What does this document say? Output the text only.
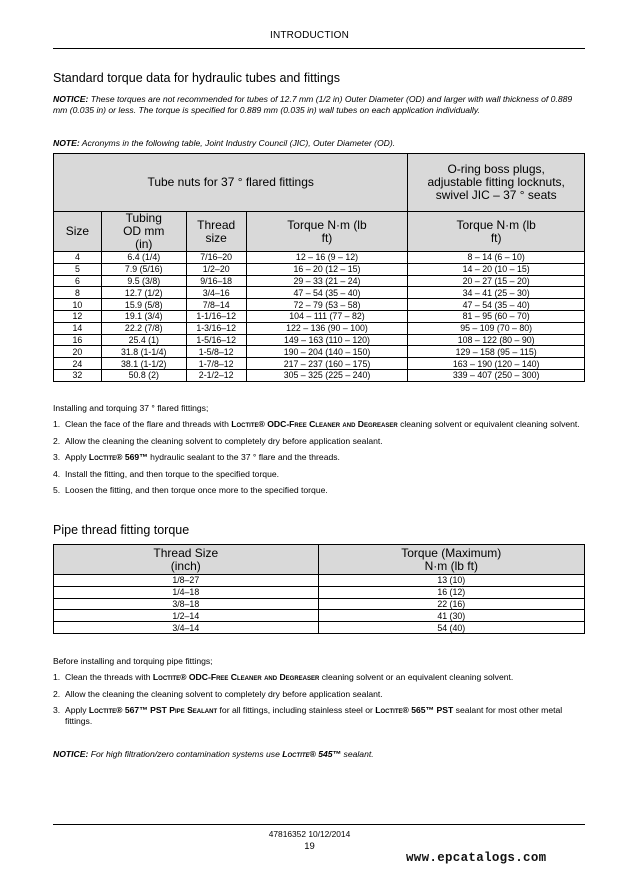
INTRODUCTION
Standard torque data for hydraulic tubes and fittings
NOTICE: These torques are not recommended for tubes of 12.7 mm (1/2 in) Outer Diameter (OD) and larger with wall thickness of 0.889 mm (0.035 in) or less. The torque is specified for 0.889 mm (0.035 in) wall tubes on each application individually.
NOTE: Acronyms in the following table, Joint Industry Council (JIC), Outer Diameter (OD).
Tube nuts for 37 ° flared fittings				O-ring boss plugs, adjustable fitting locknuts, swivel JIC – 37 ° seats
Size	Tubing OD mm (in)	Thread size	Torque N·m (lb ft)	Torque N·m (lb ft)
4	6.4 (1/4)	7/16–20	12 – 16 (9 – 12)	8 – 14 (6 – 10)
5	7.9 (5/16)	1/2–20	16 – 20 (12 – 15)	14 – 20 (10 – 15)
6	9.5 (3/8)	9/16–18	29 – 33 (21 – 24)	20 – 27 (15 – 20)
8	12.7 (1/2)	3/4–16	47 – 54 (35 – 40)	34 – 41 (25 – 30)
10	15.9 (5/8)	7/8–14	72 – 79 (53 – 58)	47 – 54 (35 – 40)
12	19.1 (3/4)	1-1/16–12	104 – 111 (77 – 82)	81 – 95 (60 – 70)
14	22.2 (7/8)	1-3/16–12	122 – 136 (90 – 100)	95 – 109 (70 – 80)
16	25.4 (1)	1-5/16–12	149 – 163 (110 – 120)	108 – 122 (80 – 90)
20	31.8 (1-1/4)	1-5/8–12	190 – 204 (140 – 150)	129 – 158 (95 – 115)
24	38.1 (1-1/2)	1-7/8–12	217 – 237 (160 – 175)	163 – 190 (120 – 140)
32	50.8 (2)	2-1/2–12	305 – 325 (225 – 240)	339 – 407 (250 – 300)
Installing and torquing 37 ° flared fittings;
1. Clean the face of the flare and threads with Loctite® ODC-Free Cleaner and Degreaser cleaning solvent or equivalent cleaning solvent.
2. Allow the cleaning the cleaning solvent to completely dry before application sealant.
3. Apply Loctite® 569™ hydraulic sealant to the 37 ° flare and the threads.
4. Install the fitting, and then torque to the specified torque.
5. Loosen the fitting, and then torque once more to the specified torque.
Pipe thread fitting torque
Thread Size (inch)	Torque (Maximum) N·m (lb ft)
1/8–27	13 (10)
1/4–18	16 (12)
3/8–18	22 (16)
1/2–14	41 (30)
3/4–14	54 (40)
Before installing and torquing pipe fittings;
1. Clean the threads with Loctite® ODC-Free Cleaner and Degreaser cleaning solvent or an equivalent cleaning solvent.
2. Allow the cleaning the cleaning solvent to completely dry before application sealant.
3. Apply Loctite® 567™ PST Pipe Sealant for all fittings, including stainless steel or Loctite® 565™ PST sealant for most other metal fittings.
NOTICE: For high filtration/zero contamination systems use Loctite® 545™ sealant.
47816352 10/12/2014
19
www.epcatalogs.com
